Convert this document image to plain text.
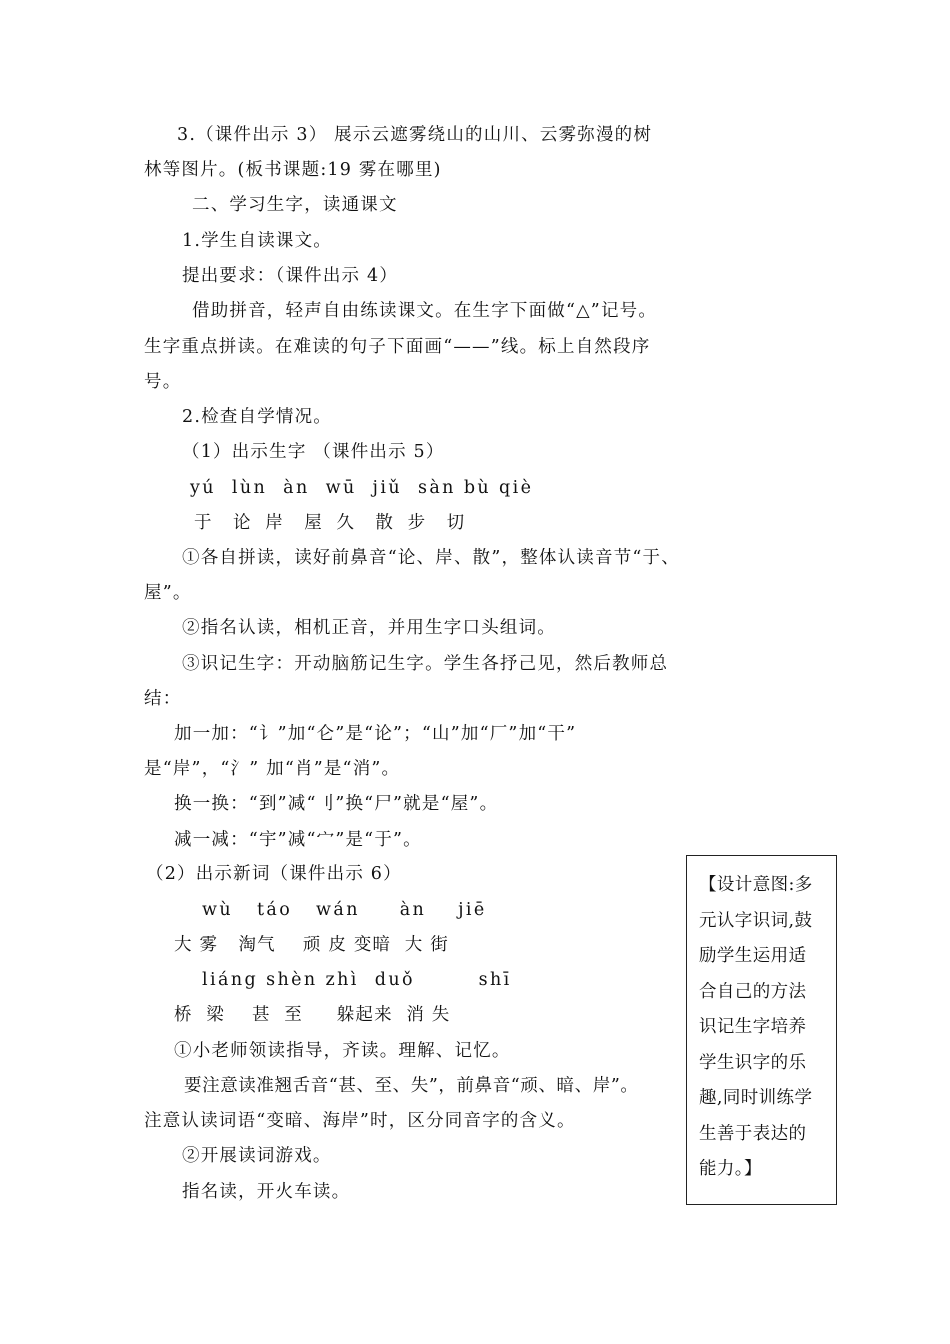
3.（课件出示 3） 展示云遮雾绕山的山川、云雾弥漫的树
林等图片。(板书课题:19 雾在哪里)
二、学习生字，读通课文
1.学生自读课文。
提出要求：（课件出示 4）
借助拼音，轻声自由练读课文。在生字下面做“△”记号。
生字重点拼读。在难读的句子下面画“——”线。标上自然段序
号。
2.检查自学情况。
（1）出示生字 （课件出示 5）
yú  lùn  àn  wū  jiǔ  sàn bù qiè
于   论  岸   屋  久   散  步   切
①各自拼读，读好前鼻音“论、岸、散”，整体认读音节“于、
屋”。
②指名认读，相机正音，并用生字口头组词。
③识记生字：开动脑筋记生字。学生各抒己见，然后教师总
结：
加一加：“讠”加“仑”是“论”；“山”加“厂”加“干”
是“岸”，“氵” 加“肖”是“消”。
换一换：“到”减“刂”换“尸”就是“屋”。
减一减：“宇”减“宀”是“于”。
（2）出示新词（课件出示 6）
wù   táo   wán     àn    jiē
大 雾   淘气    顽 皮 变暗  大 街
liáng shèn zhì  duǒ        shī
桥  梁    甚  至     躲起来  消 失
①小老师领读指导，齐读。理解、记忆。
要注意读准翘舌音“甚、至、失”，前鼻音“顽、暗、岸”。
注意认读词语“变暗、海岸”时，区分同音字的含义。
②开展读词游戏。
指名读，开火车读。
【设计意图:多
元认字识词,鼓
励学生运用适
合自己的方法
识记生字培养
学生识字的乐
趣,同时训练学
生善于表达的
能力。】
